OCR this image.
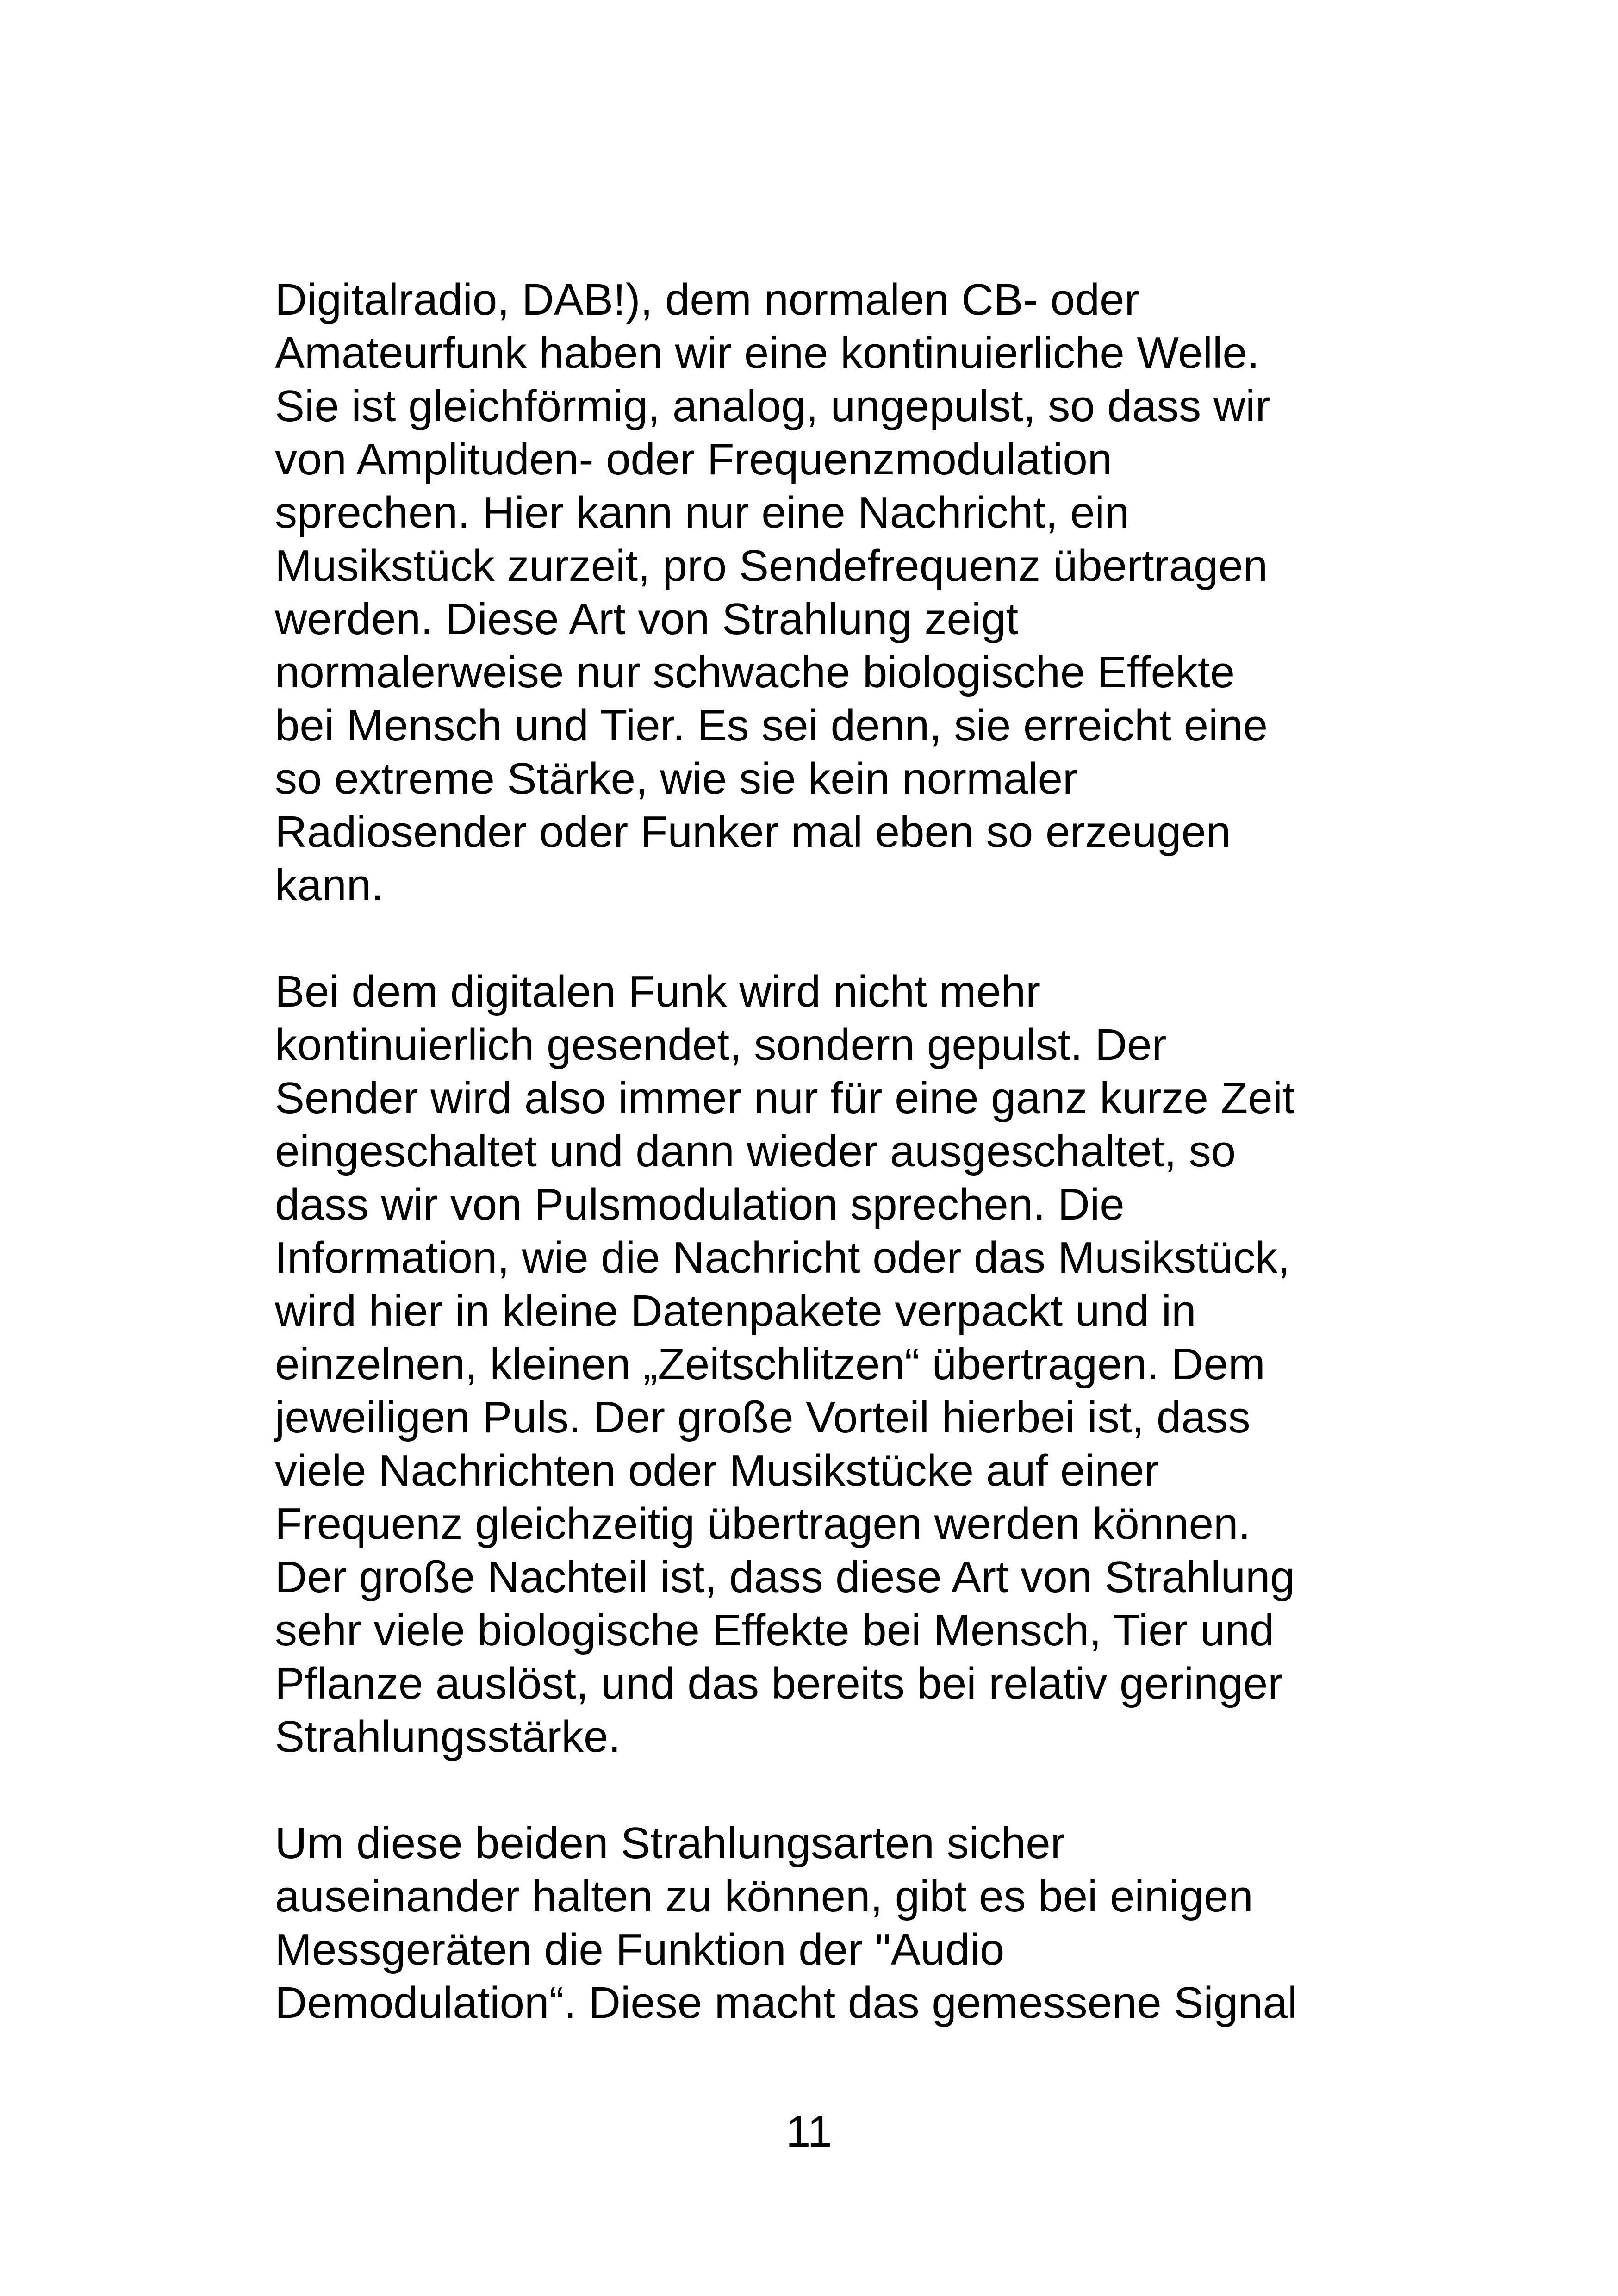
Digitalradio, DAB!), dem normalen CB- oder
Amateurfunk haben wir eine kontinuierliche Welle.
Sie ist gleichförmig, analog, ungepulst, so dass wir
von Amplituden- oder Frequenzmodulation
sprechen. Hier kann nur eine Nachricht, ein
Musikstück zurzeit, pro Sendefrequenz übertragen
werden. Diese Art von Strahlung zeigt
normalerweise nur schwache biologische Effekte
bei Mensch und Tier. Es sei denn, sie erreicht eine
so extreme Stärke, wie sie kein normaler
Radiosender oder Funker mal eben so erzeugen
kann.
Bei dem digitalen Funk wird nicht mehr
kontinuierlich gesendet, sondern gepulst. Der
Sender wird also immer nur für eine ganz kurze Zeit
eingeschaltet und dann wieder ausgeschaltet, so
dass wir von Pulsmodulation sprechen. Die
Information, wie die Nachricht oder das Musikstück,
wird hier in kleine Datenpakete verpackt und in
einzelnen, kleinen „Zeitschlitzen“ übertragen. Dem
jeweiligen Puls. Der große Vorteil hierbei ist, dass
viele Nachrichten oder Musikstücke auf einer
Frequenz gleichzeitig übertragen werden können.
Der große Nachteil ist, dass diese Art von Strahlung
sehr viele biologische Effekte bei Mensch, Tier und
Pflanze auslöst, und das bereits bei relativ geringer
Strahlungsstärke.
Um diese beiden Strahlungsarten sicher
auseinander halten zu können, gibt es bei einigen
Messgeräten die Funktion der "Audio
Demodulation“. Diese macht das gemessene Signal
11
